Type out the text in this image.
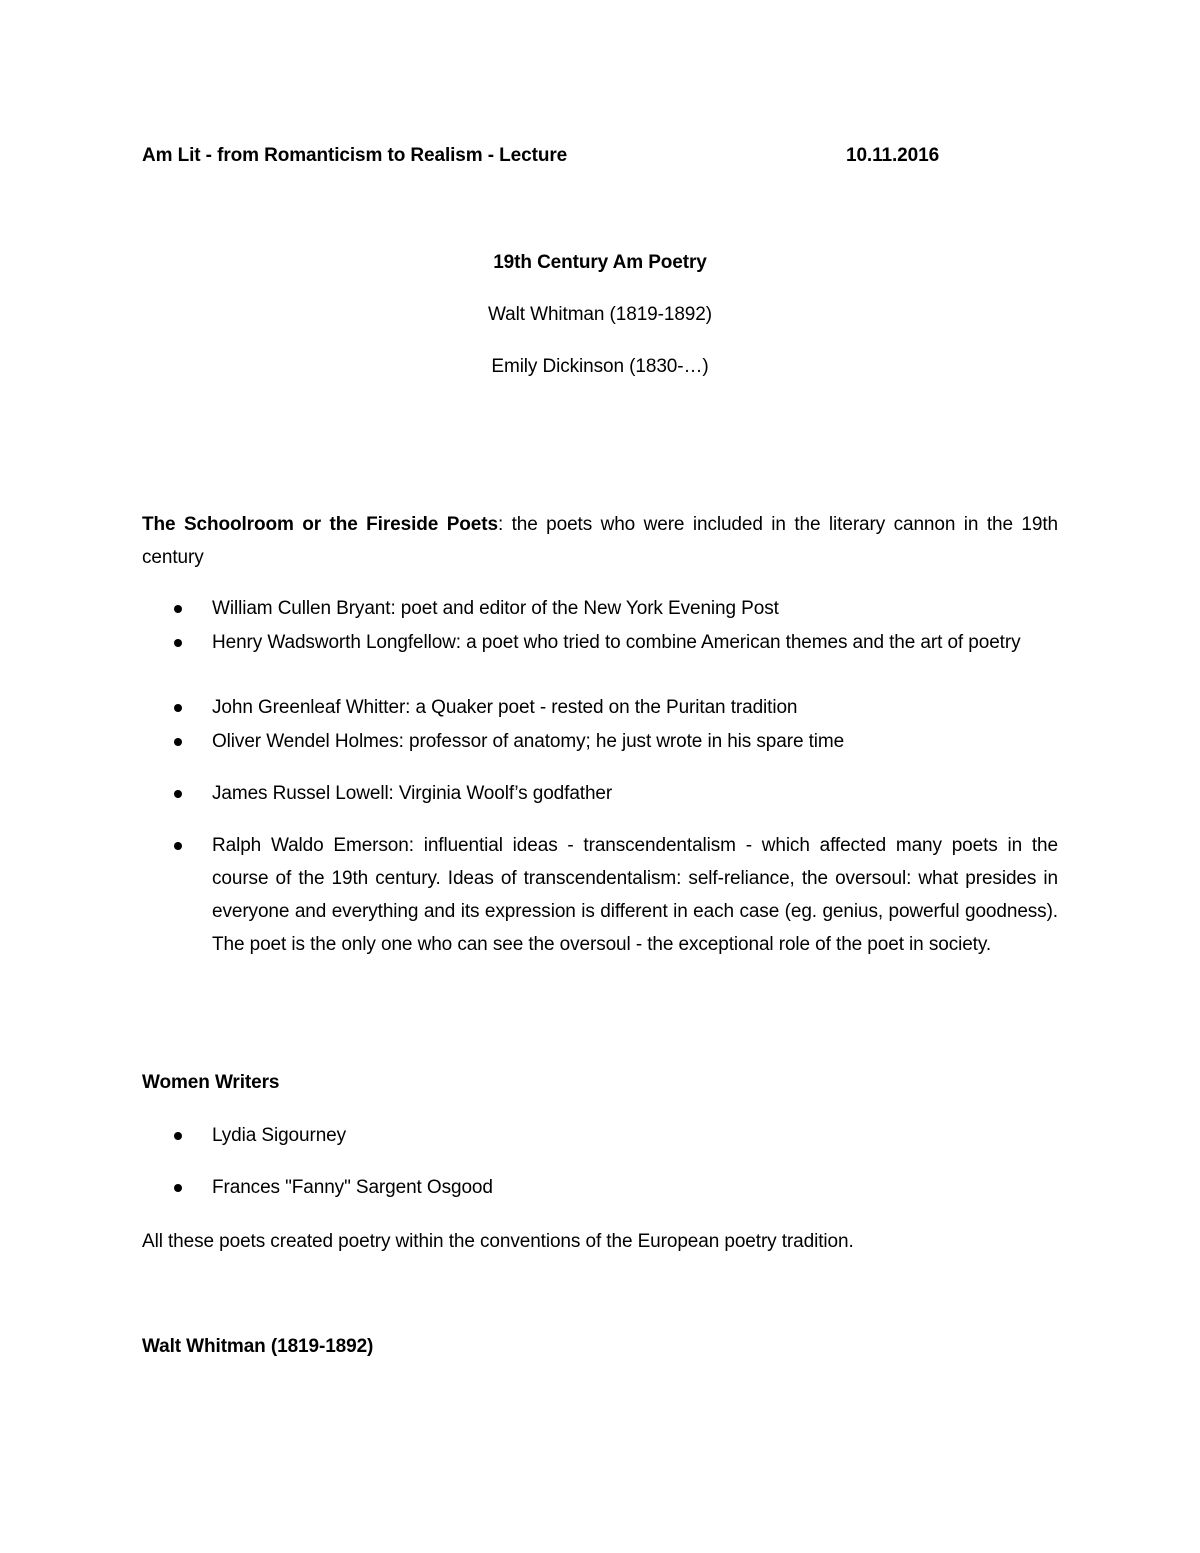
Am Lit - from Romanticism to Realism - Lecture	10.11.2016
19th Century Am Poetry
Walt Whitman (1819-1892)
Emily Dickinson (1830-…)
The Schoolroom or the Fireside Poets: the poets who were included in the literary cannon in the 19th century
William Cullen Bryant: poet and editor of the New York Evening Post
Henry Wadsworth Longfellow: a poet who tried to combine American themes and the art of poetry
John Greenleaf Whitter: a Quaker poet - rested on the Puritan tradition
Oliver Wendel Holmes: professor of anatomy; he just wrote in his spare time
James Russel Lowell: Virginia Woolf’s godfather
Ralph Waldo Emerson: influential ideas - transcendentalism - which affected many poets in the course of the 19th century. Ideas of transcendentalism: self-reliance, the oversoul: what presides in everyone and everything and its expression is different in each case (eg. genius, powerful goodness). The poet is the only one who can see the oversoul - the exceptional role of the poet in society.
Women Writers
Lydia Sigourney
Frances "Fanny" Sargent Osgood
All these poets created poetry within the conventions of the European poetry tradition.
Walt Whitman (1819-1892)
